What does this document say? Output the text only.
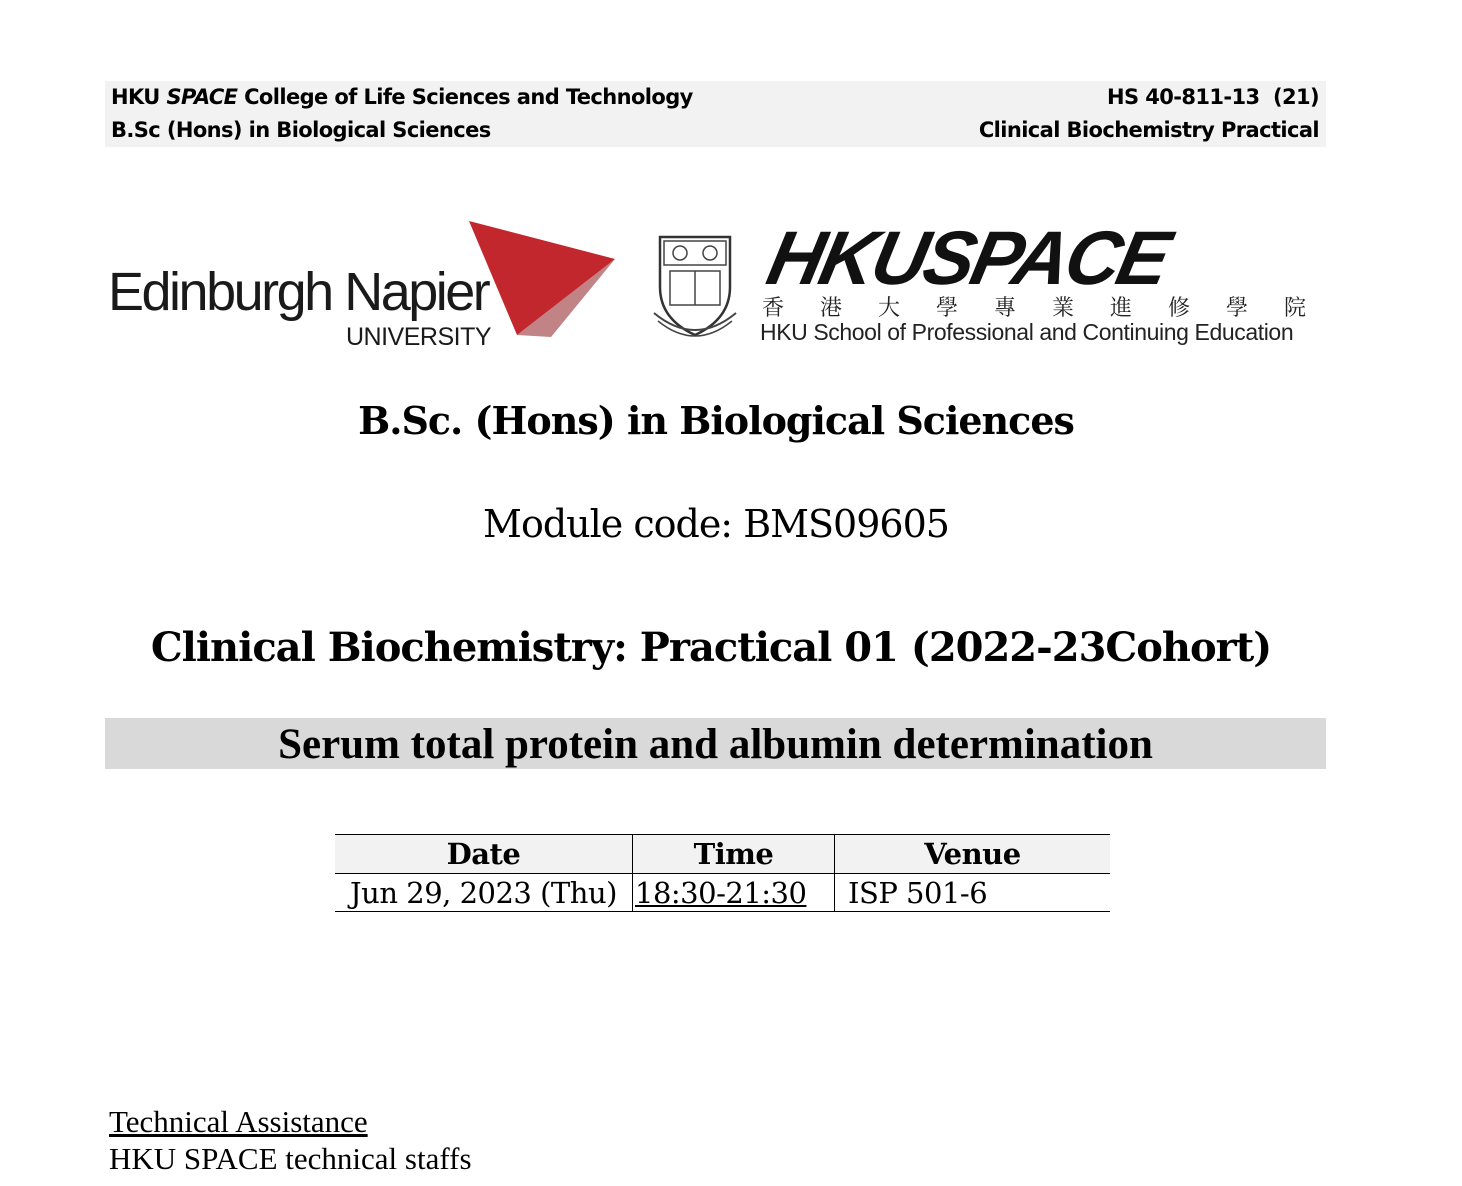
HKU SPACE College of Life Sciences and Technology
B.Sc (Hons) in Biological Sciences
HS 40-811-13  (21)
Clinical Biochemistry Practical
Edinburgh Napier
UNIVERSITY
HKUSPACE
香港大學專業進修學院
HKU School of Professional and Continuing Education
B.Sc. (Hons) in Biological Sciences
Module code: BMS09605
Clinical Biochemistry: Practical 01 (2022-23Cohort)
Serum total protein and albumin determination
Date	Time	Venue
Jun 29, 2023 (Thu)	18:30-21:30	ISP 501-6
Technical Assistance
HKU SPACE technical staffs
